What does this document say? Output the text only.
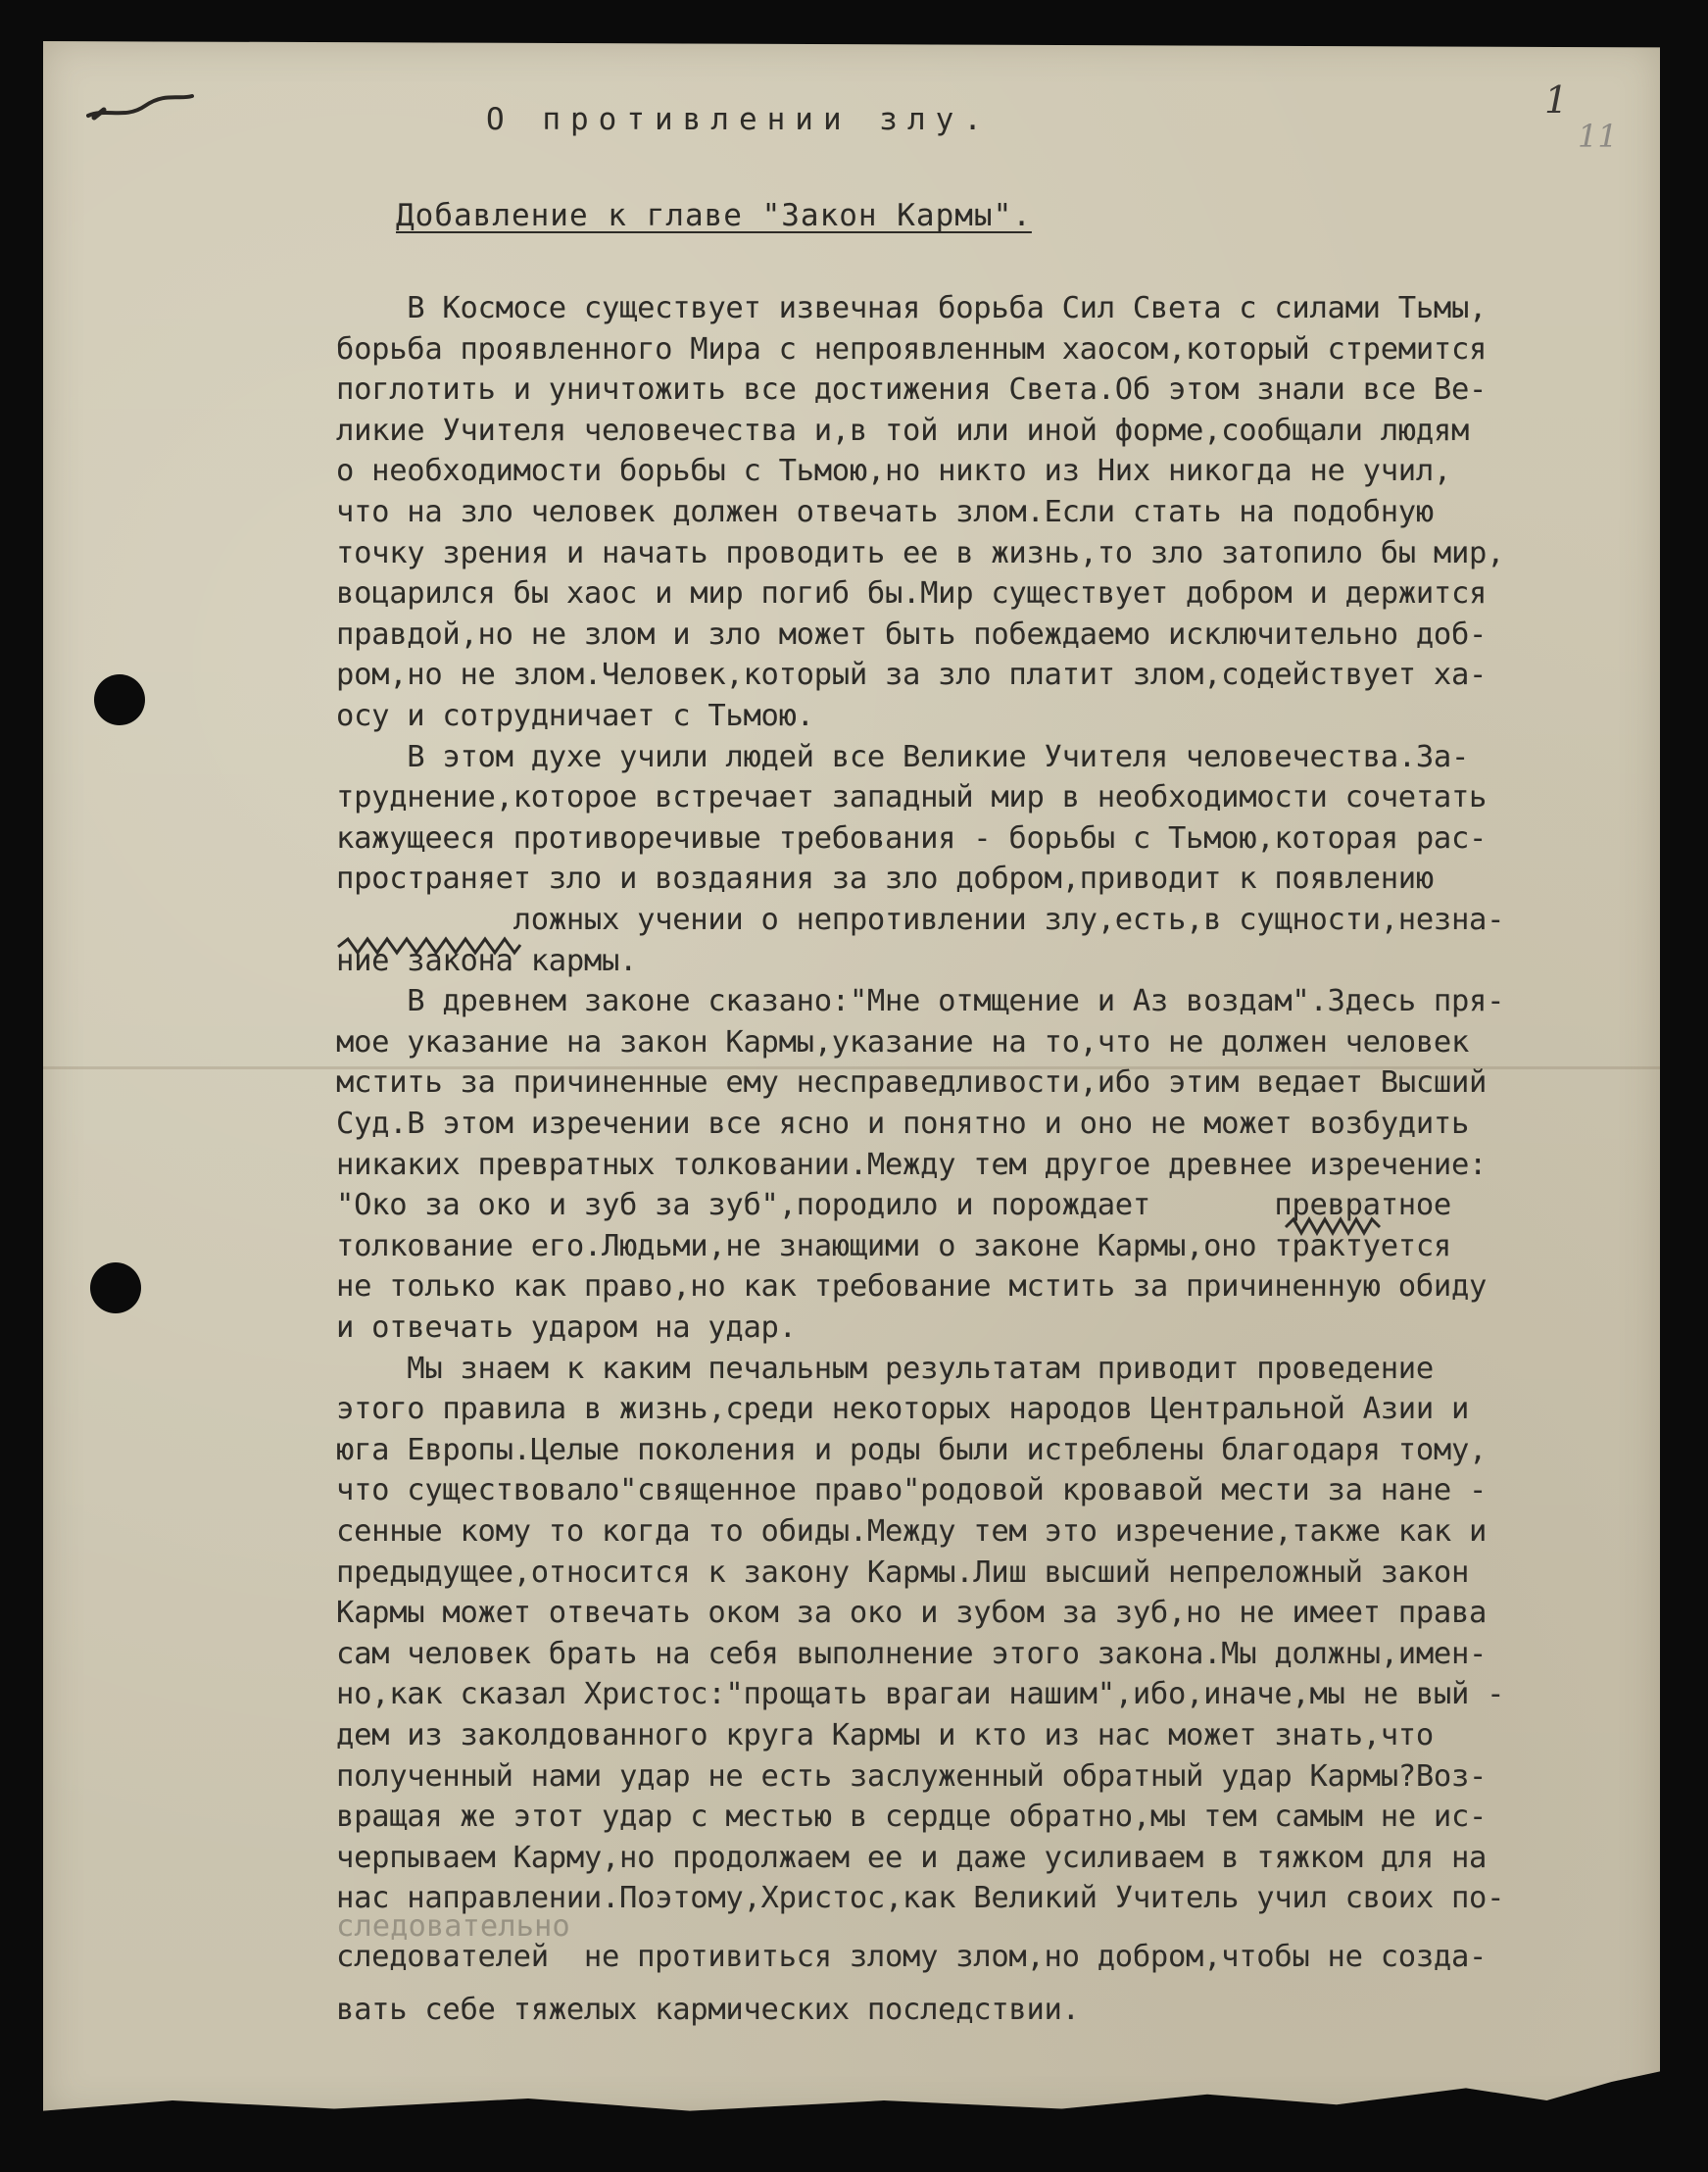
1
11
О противлении злу.
Добавление к главе "Закон Кармы".
В Космосе существует извечная борьба Сил Света с силами Тьмы,
борьба проявленного Мира с непроявленным хаосом,который стремится
поглотить и уничтожить все достижения Света.Об этом знали все Ве-
ликие Учителя человечества и,в той или иной форме,сообщали людям
о необходимости борьбы с Тьмою,но никто из Них никогда не учил,
что на зло человек должен отвечать злом.Если стать на подобную
точку зрения и начать проводить ее в жизнь,то зло затопило бы мир,
воцарился бы хаос и мир погиб бы.Мир существует добром и держится
правдой,но не злом и зло может быть побеждаемо исключительно доб-
ром,но не злом.Человек,который за зло платит злом,содействует ха-
осу и сотрудничает с Тьмою.
В этом духе учили людей все Великие Учителя человечества.За-
труднение,которое встречает западный мир в необходимости сочетать
кажущееся противоречивые требования - борьбы с Тьмою,которая рас-
пространяет зло и воздаяния за зло добром,приводит к появлению
ложных учении о непротивлении злу,есть,в сущности,незна-
ние закона кармы.
В древнем законе сказано:"Мне отмщение и Аз воздам".Здесь пря-
мое указание на закон Кармы,указание на то,что не должен человек
мстить за причиненные ему несправедливости,ибо этим ведает Высший
Суд.В этом изречении все ясно и понятно и оно не может возбудить
никаких превратных толковании.Между тем другое древнее изречение:
"Око за око и зуб за зуб",породило и порождает       превратное
толкование его.Людьми,не знающими о законе Кармы,оно трактуется
не только как право,но как требование мстить за причиненную обиду
и отвечать ударом на удар.
Мы знаем к каким печальным результатам приводит проведение
этого правила в жизнь,среди некоторых народов Центральной Азии и
юга Европы.Целые поколения и роды были истреблены благодаря тому,
что существовало"священное право"родовой кровавой мести за нане -
сенные кому то когда то обиды.Между тем это изречение,также как и
предыдущее,относится к закону Кармы.Лиш высший непреложный закон
Кармы может отвечать оком за око и зубом за зуб,но не имеет права
сам человек брать на себя выполнение этого закона.Мы должны,имен-
но,как сказал Христос:"прощать врагаи нашим",ибо,иначе,мы не вый -
дем из заколдованного круга Кармы и кто из нас может знать,что
полученный нами удар не есть заслуженный обратный удар Кармы?Воз-
вращая же этот удар с местью в сердце обратно,мы тем самым не ис-
черпываем Карму,но продолжаем ее и даже усиливаем в тяжком для на
нас направлении.Поэтому,Христос,как Великий Учитель учил своих по-
следователей  не противиться злому злом,но добром,чтобы не созда-
вать себе тяжелых кармических последствии.
следовательно
